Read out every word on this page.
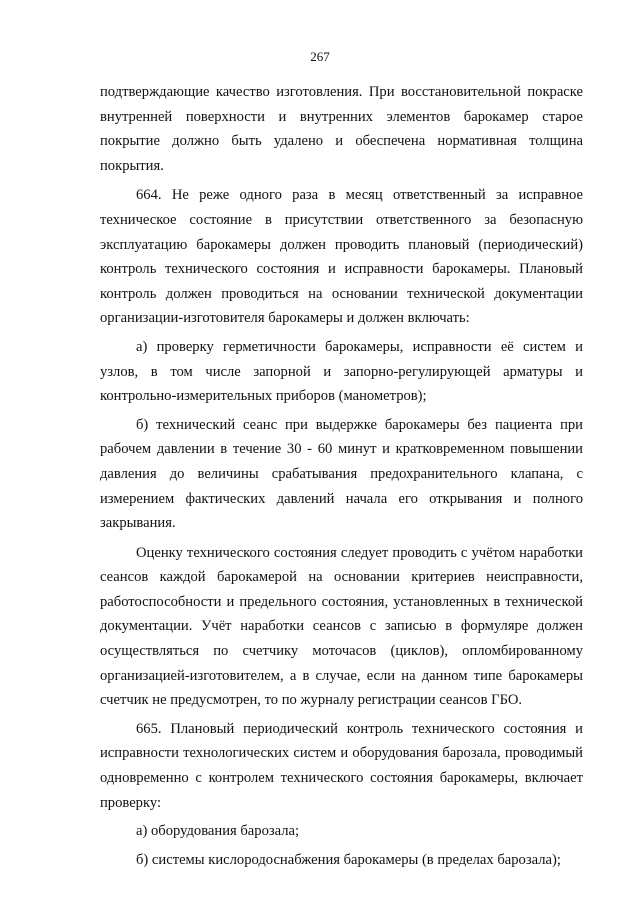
267

подтверждающие качество изготовления. При восстановительной покраске внутренней поверхности и внутренних элементов барокамер старое покрытие должно быть удалено и обеспечена нормативная толщина покрытия.

664. Не реже одного раза в месяц ответственный за исправное техническое состояние в присутствии ответственного за безопасную эксплуатацию барокамеры должен проводить плановый (периодический) контроль технического состояния и исправности барокамеры. Плановый контроль должен проводиться на основании технической документации организации-изготовителя барокамеры и должен включать:

а) проверку герметичности барокамеры, исправности её систем и узлов, в том числе запорной и запорно-регулирующей арматуры и контрольно-измерительных приборов (манометров);

б) технический сеанс при выдержке барокамеры без пациента при рабочем давлении в течение 30 - 60 минут и кратковременном повышении давления до величины срабатывания предохранительного клапана, с измерением фактических давлений начала его открывания и полного закрывания.

Оценку технического состояния следует проводить с учётом наработки сеансов каждой барокамерой на основании критериев неисправности, работоспособности и предельного состояния, установленных в технической документации. Учёт наработки сеансов с записью в формуляре должен осуществляться по счетчику моточасов (циклов), опломбированному организацией-изготовителем, а в случае, если на данном типе барокамеры счетчик не предусмотрен, то по журналу регистрации сеансов ГБО.

665. Плановый периодический контроль технического состояния и исправности технологических систем и оборудования барозала, проводимый одновременно с контролем технического состояния барокамеры, включает проверку:

а) оборудования барозала;

б) системы кислородоснабжения барокамеры (в пределах барозала);
